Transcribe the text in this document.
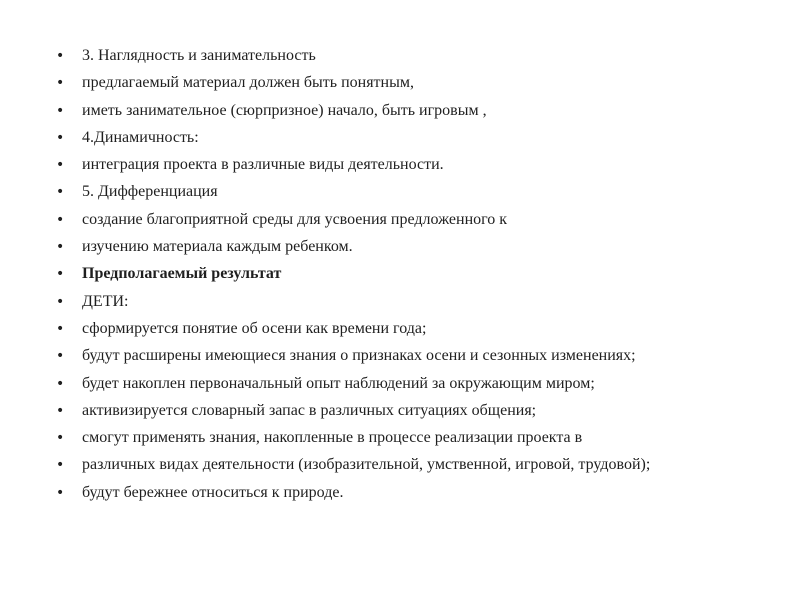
•	3. Наглядность и занимательность
•	предлагаемый материал должен быть понятным,
•	иметь занимательное (сюрпризное) начало, быть игровым ,
•	4.Динамичность:
•	интеграция проекта в различные виды деятельности.
•	5. Дифференциация
•	создание благоприятной среды для усвоения предложенного к
•	изучению материала каждым ребенком.
•	Предполагаемый результат
•	ДЕТИ:
•	сформируется понятие об осени как времени года;
•	будут расширены имеющиеся знания о признаках осени и сезонных изменениях;
•	будет накоплен первоначальный опыт наблюдений за окружающим миром;
•	активизируется словарный запас в различных ситуациях общения;
•	смогут применять знания, накопленные в процессе реализации проекта в
•	различных видах деятельности (изобразительной, умственной, игровой, трудовой);
•	будут бережнее относиться к природе.
